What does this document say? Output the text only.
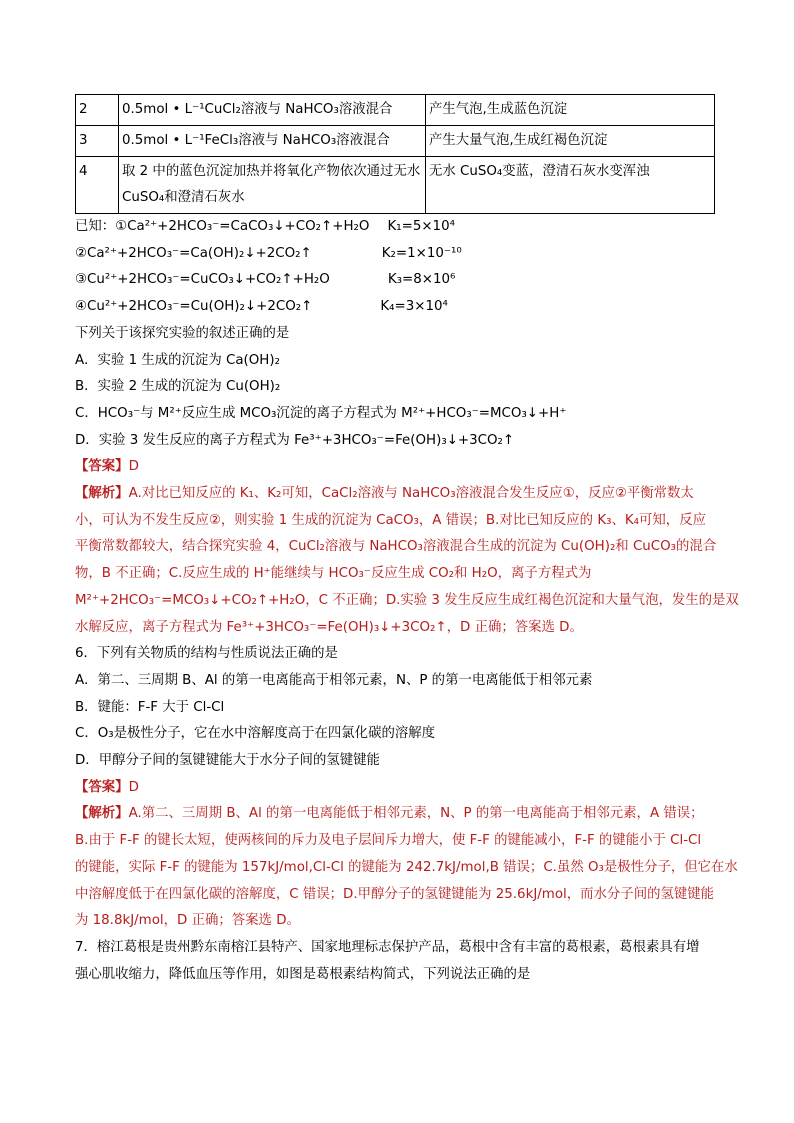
2	0.5mol • L⁻¹CuCl₂溶液与 NaHCO₃溶液混合	产生气泡,生成蓝色沉淀
3	0.5mol • L⁻¹FeCl₃溶液与 NaHCO₃溶液混合	产生大量气泡,生成红褐色沉淀
4	取 2 中的蓝色沉淀加热并将氧化产物依次通过无水 CuSO₄和澄清石灰水	无水 CuSO₄变蓝，澄清石灰水变浑浊
已知：①Ca²⁺+2HCO₃⁻=CaCO₃↓+CO₂↑+H₂O K₁=5×10⁴
②Ca²⁺+2HCO₃⁻=Ca(OH)₂↓+2CO₂↑	K₂=1×10⁻¹⁰
③Cu²⁺+2HCO₃⁻=CuCO₃↓+CO₂↑+H₂O	K₃=8×10⁶
④Cu²⁺+2HCO₃⁻=Cu(OH)₂↓+2CO₂↑	K₄=3×10⁴
下列关于该探究实验的叙述正确的是
A．实验 1 生成的沉淀为 Ca(OH)₂
B．实验 2 生成的沉淀为 Cu(OH)₂
C．HCO₃⁻与 M²⁺反应生成 MCO₃沉淀的离子方程式为 M²⁺+HCO₃⁻=MCO₃↓+H⁺
D．实验 3 发生反应的离子方程式为 Fe³⁺+3HCO₃⁻=Fe(OH)₃↓+3CO₂↑
【答案】D
【解析】A.对比已知反应的 K₁、K₂可知，CaCl₂溶液与 NaHCO₃溶液混合发生反应①，反应②平衡常数太
小，可认为不发生反应②，则实验 1 生成的沉淀为 CaCO₃，A 错误；B.对比已知反应的 K₃、K₄可知，反应
平衡常数都较大，结合探究实验 4，CuCl₂溶液与 NaHCO₃溶液混合生成的沉淀为 Cu(OH)₂和 CuCO₃的混合
物，B 不正确；C.反应生成的 H⁺能继续与 HCO₃⁻反应生成 CO₂和 H₂O，离子方程式为
M²⁺+2HCO₃⁻=MCO₃↓+CO₂↑+H₂O，C 不正确；D.实验 3 发生反应生成红褐色沉淀和大量气泡，发生的是双
水解反应，离子方程式为 Fe³⁺+3HCO₃⁻=Fe(OH)₃↓+3CO₂↑，D 正确；答案选 D。
6．下列有关物质的结构与性质说法正确的是
A．第二、三周期 B、Al 的第一电离能高于相邻元素，N、P 的第一电离能低于相邻元素
B．键能：F-F 大于 Cl-Cl
C．O₃是极性分子，它在水中溶解度高于在四氯化碳的溶解度
D．甲醇分子间的氢键键能大于水分子间的氢键键能
【答案】D
【解析】A.第二、三周期 B、Al 的第一电离能低于相邻元素，N、P 的第一电离能高于相邻元素，A 错误；
B.由于 F-F 的键长太短，使两核间的斥力及电子层间斥力增大，使 F-F 的键能减小，F-F 的键能小于 Cl-Cl
的键能，实际 F-F 的键能为 157kJ/mol,Cl-Cl 的键能为 242.7kJ/mol,B 错误；C.虽然 O₃是极性分子，但它在水
中溶解度低于在四氯化碳的溶解度，C 错误；D.甲醇分子的氢键键能为 25.6kJ/mol，而水分子间的氢键键能
为 18.8kJ/mol，D 正确；答案选 D。
7．榕江葛根是贵州黔东南榕江县特产、国家地理标志保护产品，葛根中含有丰富的葛根素，葛根素具有增
强心肌收缩力，降低血压等作用，如图是葛根素结构简式，下列说法正确的是
